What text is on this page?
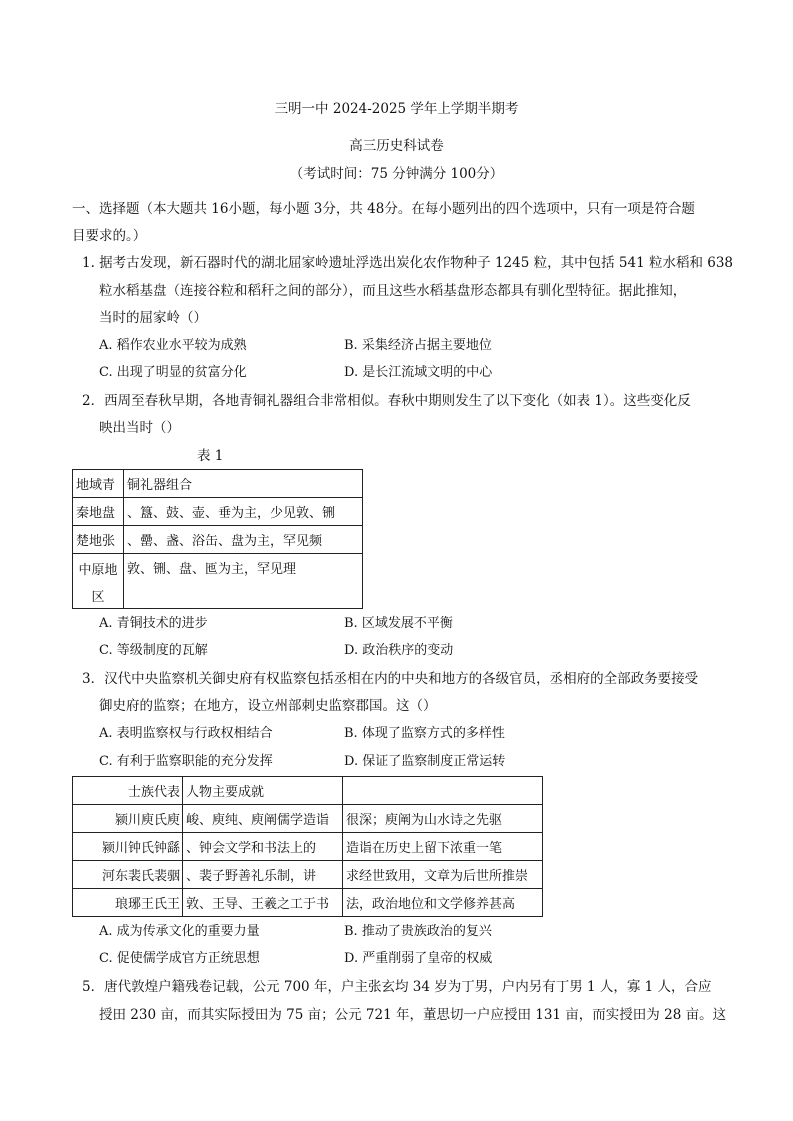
三明一中 2024-2025 学年上学期半期考
高三历史科试卷
（考试时间：75 分钟满分 100分）
一、选择题（本大题共 16小题，每小题 3分，共 48分。在每小题列出的四个选项中，只有一项是符合题
目要求的。）
1. 据考古发现，新石器时代的湖北屈家岭遗址浮选出炭化农作物种子 1245 粒，其中包括 541 粒水稻和 638
粒水稻基盘（连接谷粒和稻秆之间的部分），而且这些水稻基盘形态都具有驯化型特征。据此推知，
当时的屈家岭（）
A. 稻作农业水平较为成熟	B. 采集经济占据主要地位
C. 出现了明显的贫富分化	D. 是长江流域文明的中心
2．西周至春秋早期，各地青铜礼器组合非常相似。春秋中期则发生了以下变化（如表 1）。这些变化反
映出当时（）
表 1
地域青	铜礼器组合
秦地盘	、簋、鼓、壶、垂为主，少见敦、铏
楚地张	、罍、盏、浴缶、盘为主，罕见频
中原地	敦、铏、盘、匜为主，罕见理
区	
A. 青铜技术的进步	B. 区域发展不平衡
C. 等级制度的瓦解	D. 政治秩序的变动
3．汉代中央监察机关御史府有权监察包括丞相在内的中央和地方的各级官员，丞相府的全部政务要接受
御史府的监察；在地方，设立州部刺史监察郡国。这（）
A. 表明监察权与行政权相结合	B. 体现了监察方式的多样性
C. 有利于监察职能的充分发挥	D. 保证了监察制度正常运转
士族代表	人物主要成就	
颍川庾氏庾	峻、庾纯、庾阐儒学造诣	很深；庾阐为山水诗之先驱
颍川钟氏钟繇	、钟会文学和书法上的	造诣在历史上留下浓重一笔
河东裴氏裴骃	、裴子野善礼乐制，讲	求经世致用，文章为后世所推崇
琅琊王氏王	敦、王导、王羲之工于书	法，政治地位和文学修养甚高
A. 成为传承文化的重要力量	B. 推动了贵族政治的复兴
C. 促使儒学成官方正统思想	D. 严重削弱了皇帝的权威
5．唐代敦煌户籍残卷记载，公元 700 年，户主张玄均 34 岁为丁男，户内另有丁男 1 人，寡 1 人，合应
授田 230 亩，而其实际授田为 75 亩；公元 721 年，董思切一户应授田 131 亩，而实授田为 28 亩。这
